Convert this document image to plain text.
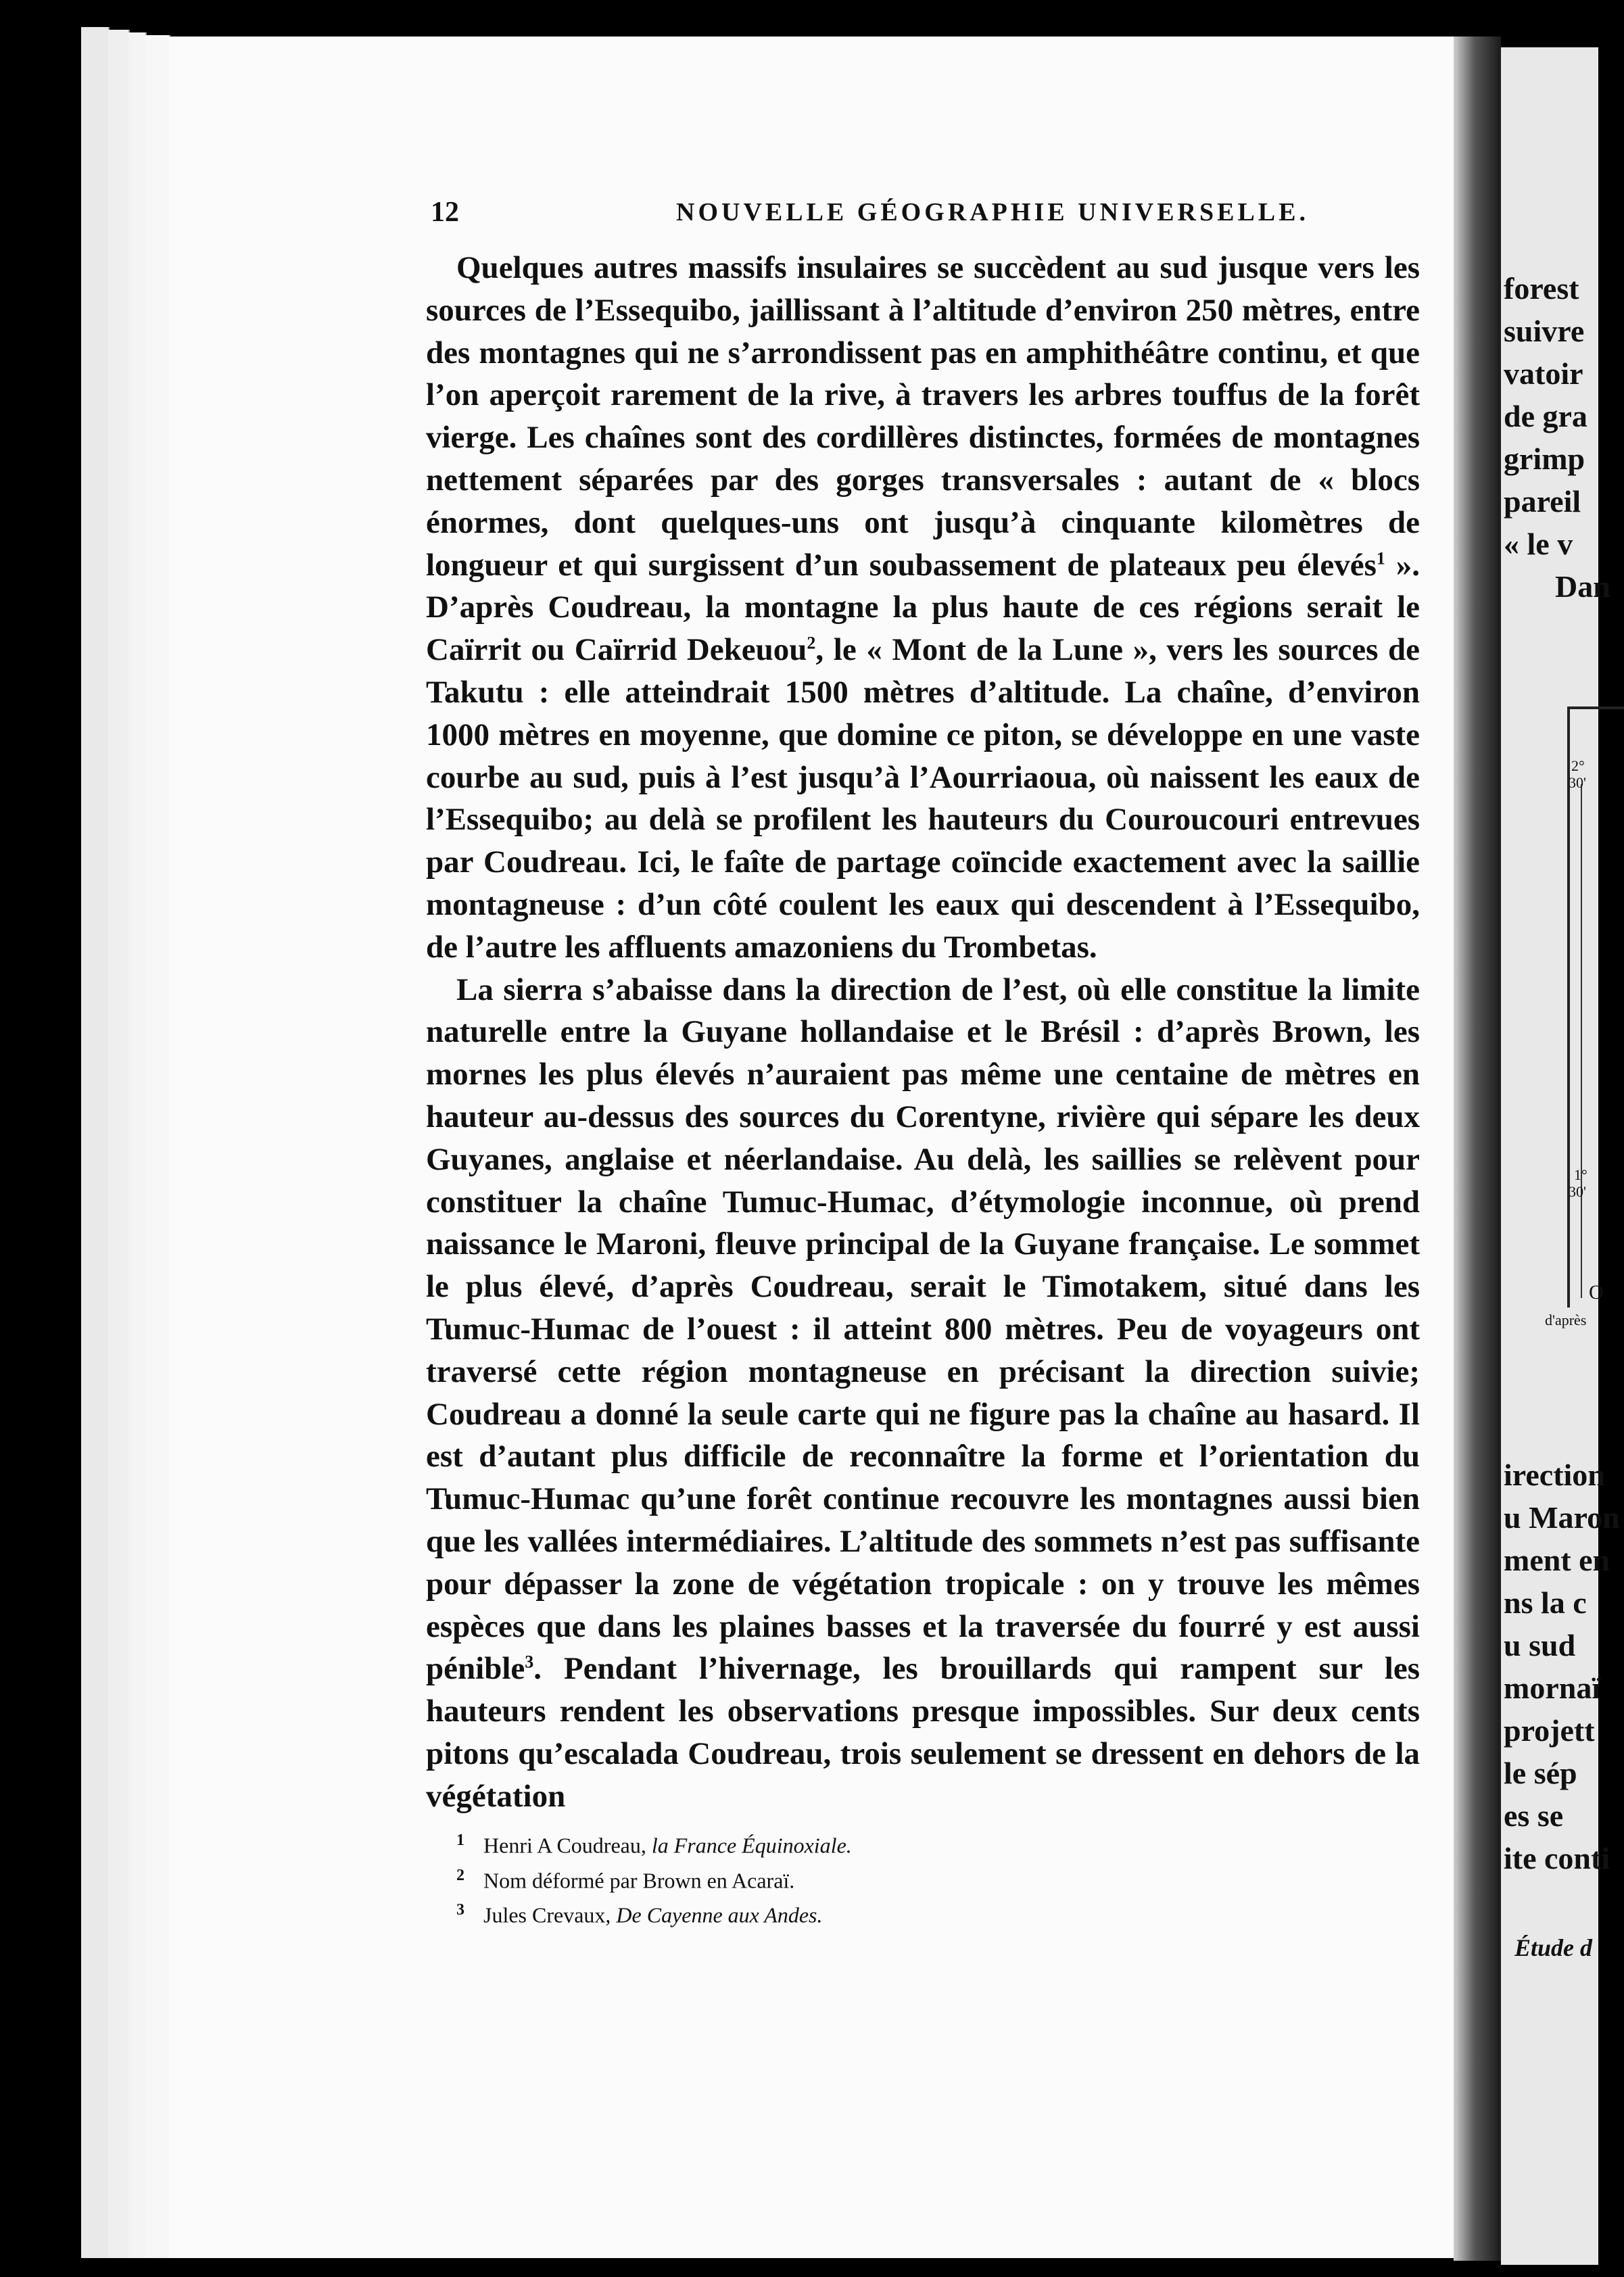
12	NOUVELLE GÉOGRAPHIE UNIVERSELLE.

Quelques autres massifs insulaires se succèdent au sud jusque vers les sources de l’Essequibo, jaillissant à l’altitude d’environ 250 mètres, entre des montagnes qui ne s’arrondissent pas en amphithéâtre continu, et que l’on aperçoit rarement de la rive, à travers les arbres touffus de la forêt vierge. Les chaînes sont des cordillères distinctes, formées de montagnes nettement séparées par des gorges transversales : autant de « blocs énormes, dont quelques-uns ont jusqu’à cinquante kilomètres de longueur et qui surgissent d’un soubassement de plateaux peu élevés$^1$ ». D’après Coudreau, la montagne la plus haute de ces régions serait le Caïrrit ou Caïrrid Dekeuou$^2$, le « Mont de la Lune », vers les sources de Takutu : elle atteindrait 1500 mètres d’altitude. La chaîne, d’environ 1000 mètres en moyenne, que domine ce piton, se développe en une vaste courbe au sud, puis à l’est jusqu’à l’Aourriaoua, où naissent les eaux de l’Essequibo; au delà se profilent les hauteurs du Couroucouri entrevues par Coudreau. Ici, le faîte de partage coïncide exactement avec la saillie montagneuse : d’un côté coulent les eaux qui descendent à l’Essequibo, de l’autre les affluents amazoniens du Trombetas.

La sierra s’abaisse dans la direction de l’est, où elle constitue la limite naturelle entre la Guyane hollandaise et le Brésil : d’après Brown, les mornes les plus élevés n’auraient pas même une centaine de mètres en hauteur au-dessus des sources du Corentyne, rivière qui sépare les deux Guyanes, anglaise et néerlandaise. Au delà, les saillies se relèvent pour constituer la chaîne Tumuc-Humac, d’étymologie inconnue, où prend naissance le Maroni, fleuve principal de la Guyane française. Le sommet le plus élevé, d’après Coudreau, serait le Timotakem, situé dans les Tumuc-Humac de l’ouest : il atteint 800 mètres. Peu de voyageurs ont traversé cette région montagneuse en précisant la direction suivie; Coudreau a donné la seule carte qui ne figure pas la chaîne au hasard. Il est d’autant plus difficile de reconnaître la forme et l’orientation du Tumuc-Humac qu’une forêt continue recouvre les montagnes aussi bien que les vallées intermédiaires. L’altitude des sommets n’est pas suffisante pour dépasser la zone de végétation tropicale : on y trouve les mêmes espèces que dans les plaines basses et la traversée du fourré y est aussi pénible$^3$. Pendant l’hivernage, les brouillards qui rampent sur les hauteurs rendent les observations presque impossibles. Sur deux cents pitons qu’escalada Coudreau, trois seulement se dressent en dehors de la végétation

1 Henri A Coudreau, la France Équinoxiale.

2 Nom déformé par Brown en Acaraï.

3 Jules Crevaux, De Cayenne aux Andes.

forest
suivre
vatoir
de gra
grimp
pareil
« le v
Dan
2°
30'
1°
30'
O
d'après
irection
u Maron
ment en
ns la c
u sud
mornaï
projett
le sép
es se
ite conti
Étude d
